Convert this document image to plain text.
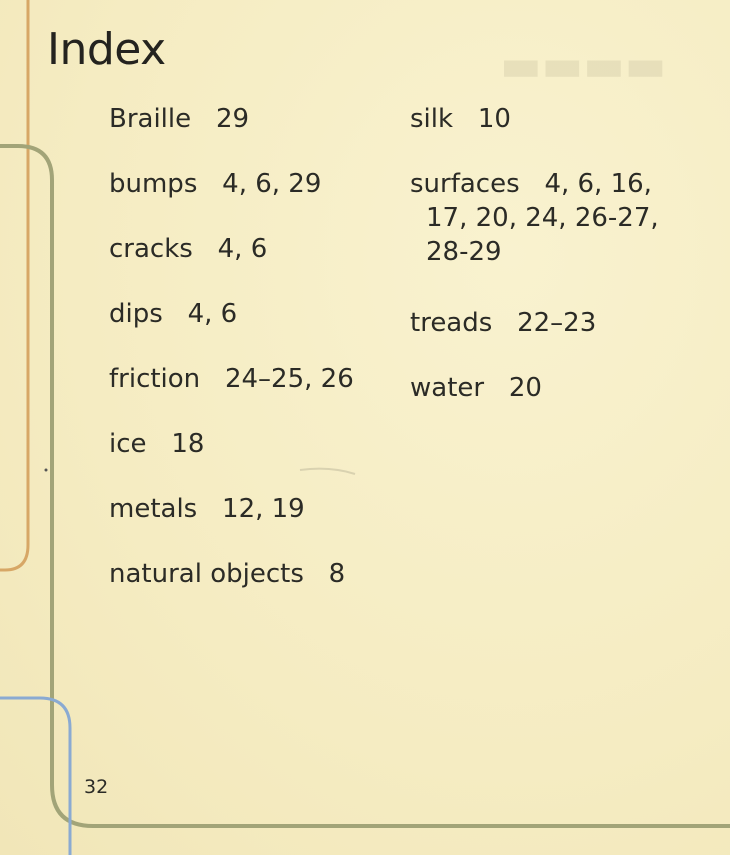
▬▬▬▬
Index
Braille 29
bumps 4, 6, 29
cracks 4, 6
dips 4, 6
friction 24–25, 26
ice 18
metals 12, 19
natural objects 8
silk 10
surfaces 4, 6, 16, 17, 20, 24, 26-27, 28-29
treads 22–23
water 20
32
